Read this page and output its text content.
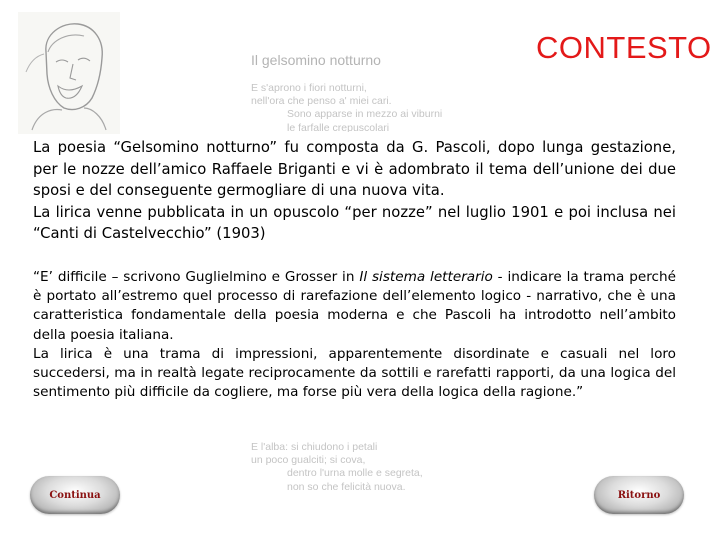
Il gelsomino notturno	CONTESTO
E s'aprono i fiori notturni,
nell'ora che penso a' miei cari.
Sono apparse in mezzo ai viburni
le farfalle crepuscolari

La poesia “Gelsomino notturno” fu composta da G. Pascoli, dopo lunga gestazione, per le nozze dell’amico Raffaele Briganti e vi è adombrato il tema dell’unione dei due sposi e del conseguente germogliare di una nuova vita.

La lirica venne pubblicata in un opuscolo “per nozze” nel luglio 1901 e poi inclusa nei “Canti di Castelvecchio” (1903)

“E’ difficile – scrivono Guglielmino e Grosser in Il sistema letterario - indicare la trama perché è portato all’estremo quel processo di rarefazione dell’elemento logico - narrativo, che è una caratteristica fondamentale della poesia moderna e che Pascoli ha introdotto nell’ambito della poesia italiana.

La lirica è una trama di impressioni, apparentemente disordinate e casuali nel loro succedersi, ma in realtà legate reciprocamente da sottili e rarefatti rapporti, da una logica del sentimento più difficile da cogliere, ma forse più vera della logica della ragione.”

E l'alba: si chiudono i petali
un poco gualciti; si cova,
dentro l'urna molle e segreta,
non so che felicità nuova.
Continua	Ritorno
